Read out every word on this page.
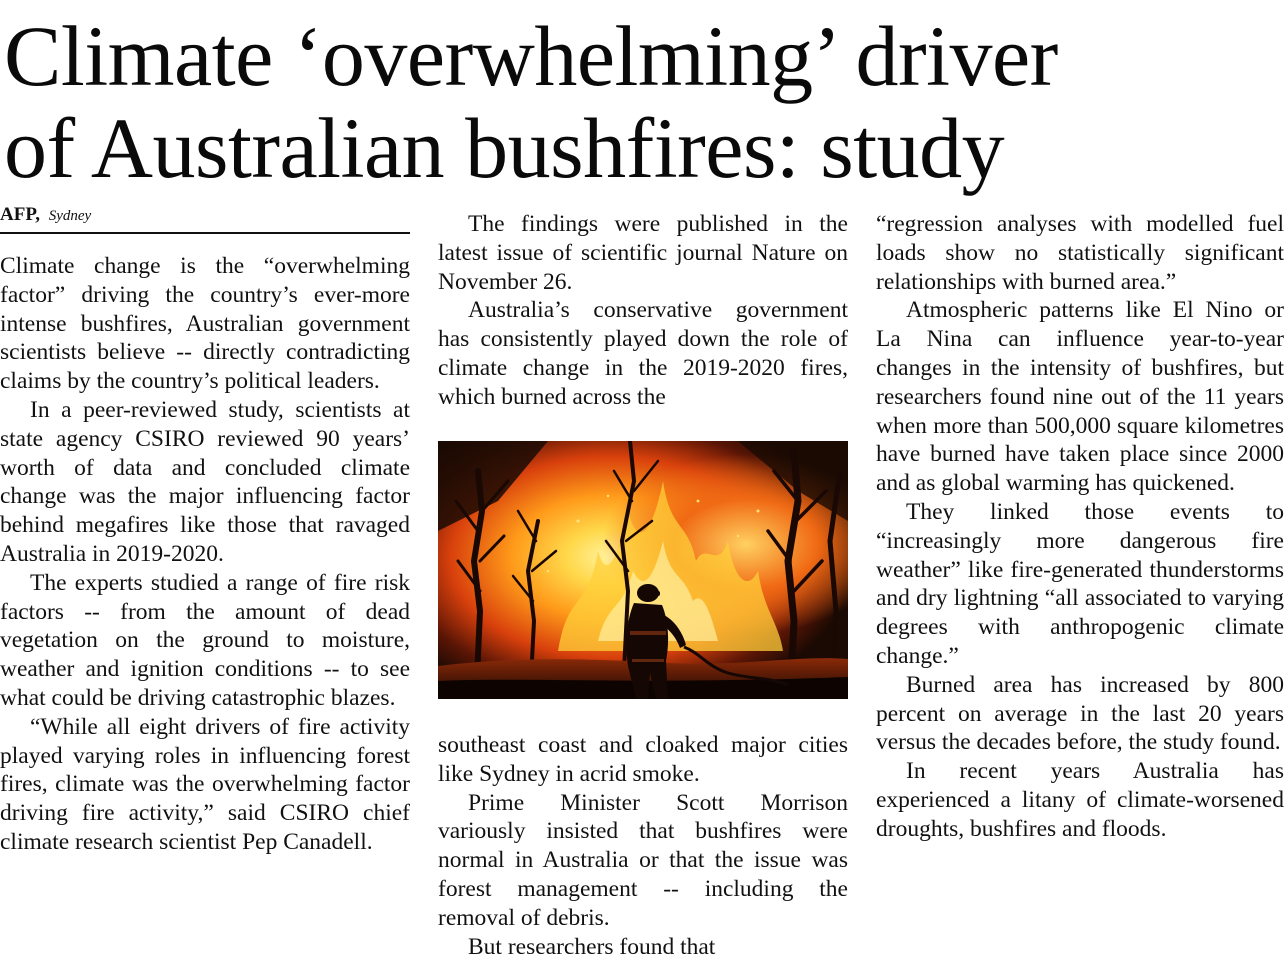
Climate ‘overwhelming’ driver
of Australian bushfires: study
AFP, Sydney

Climate change is the “overwhelming factor” driving the country’s ever-more intense bushfires, Australian government scientists believe -- directly contradicting claims by the country’s political leaders.

In a peer-reviewed study, scientists at state agency CSIRO reviewed 90 years’ worth of data and concluded climate change was the major influencing factor behind megafires like those that ravaged Australia in 2019-2020.

The experts studied a range of fire risk factors -- from the amount of dead vegetation on the ground to moisture, weather and ignition conditions -- to see what could be driving catastrophic blazes.

“While all eight drivers of fire activity played varying roles in influencing forest fires, climate was the overwhelming factor driving fire activity,” said CSIRO chief climate research scientist Pep Canadell.

The findings were published in the latest issue of scientific journal Nature on November 26.

Australia’s conservative government has consistently played down the role of climate change in the 2019-2020 fires, which burned across the

southeast coast and cloaked major cities like Sydney in acrid smoke.

Prime Minister Scott Morrison variously insisted that bushfires were normal in Australia or that the issue was forest management -- including the removal of debris.

But researchers found that

“regression analyses with modelled fuel loads show no statistically significant relationships with burned area.”

Atmospheric patterns like El Nino or La Nina can influence year-to-year changes in the intensity of bushfires, but researchers found nine out of the 11 years when more than 500,000 square kilometres have burned have taken place since 2000 and as global warming has quickened.

They linked those events to “increasingly more dangerous fire weather” like fire-generated thunderstorms and dry lightning “all associated to varying degrees with anthropogenic climate change.”

Burned area has increased by 800 percent on average in the last 20 years versus the decades before, the study found.

In recent years Australia has experienced a litany of climate-worsened droughts, bushfires and floods.
